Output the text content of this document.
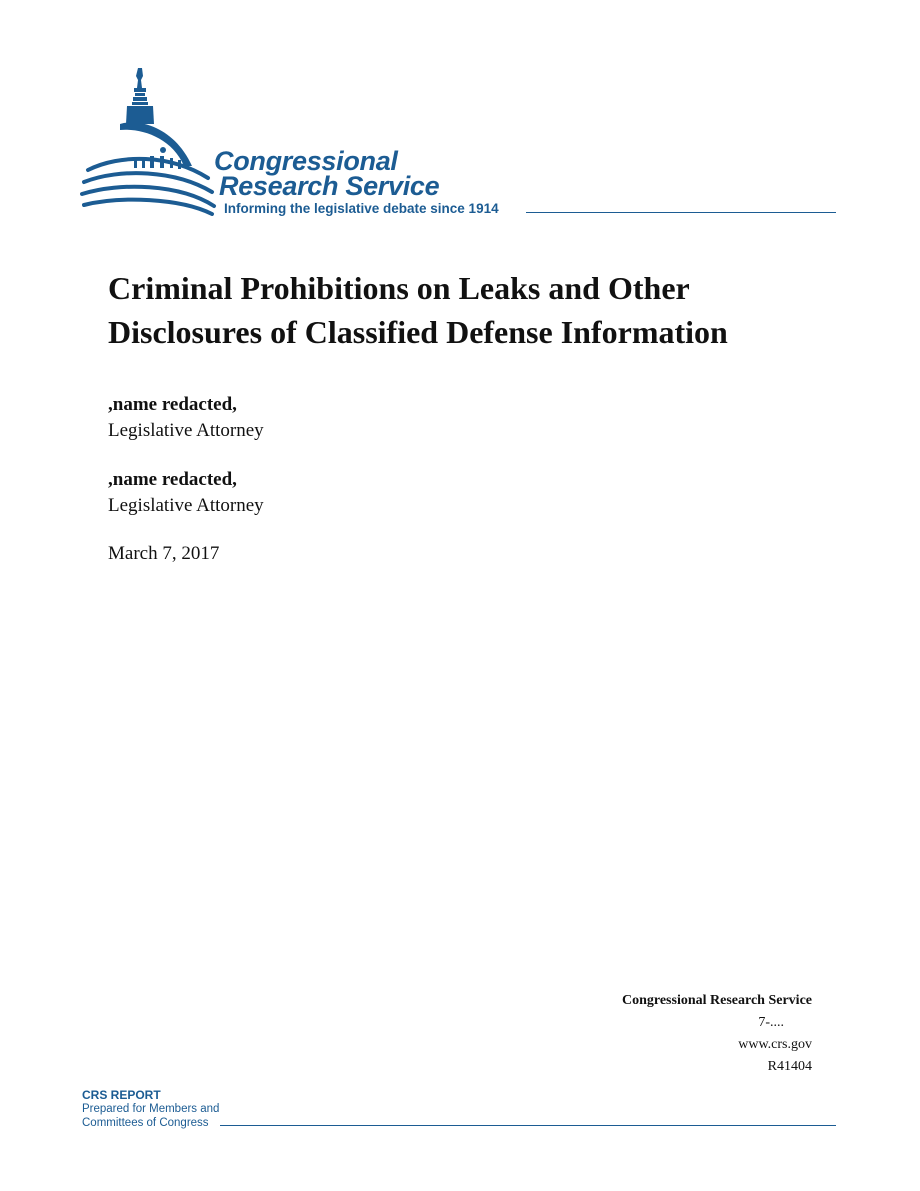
Congressional
Research Service
Informing the legislative debate since 1914
Criminal Prohibitions on Leaks and Other
Disclosures of Classified Defense Information
,name redacted,
Legislative Attorney
,name redacted,
Legislative Attorney
March 7, 2017
Congressional Research Service
7-....
www.crs.gov
R41404
CRS REPORT
Prepared for Members and
Committees of Congress
